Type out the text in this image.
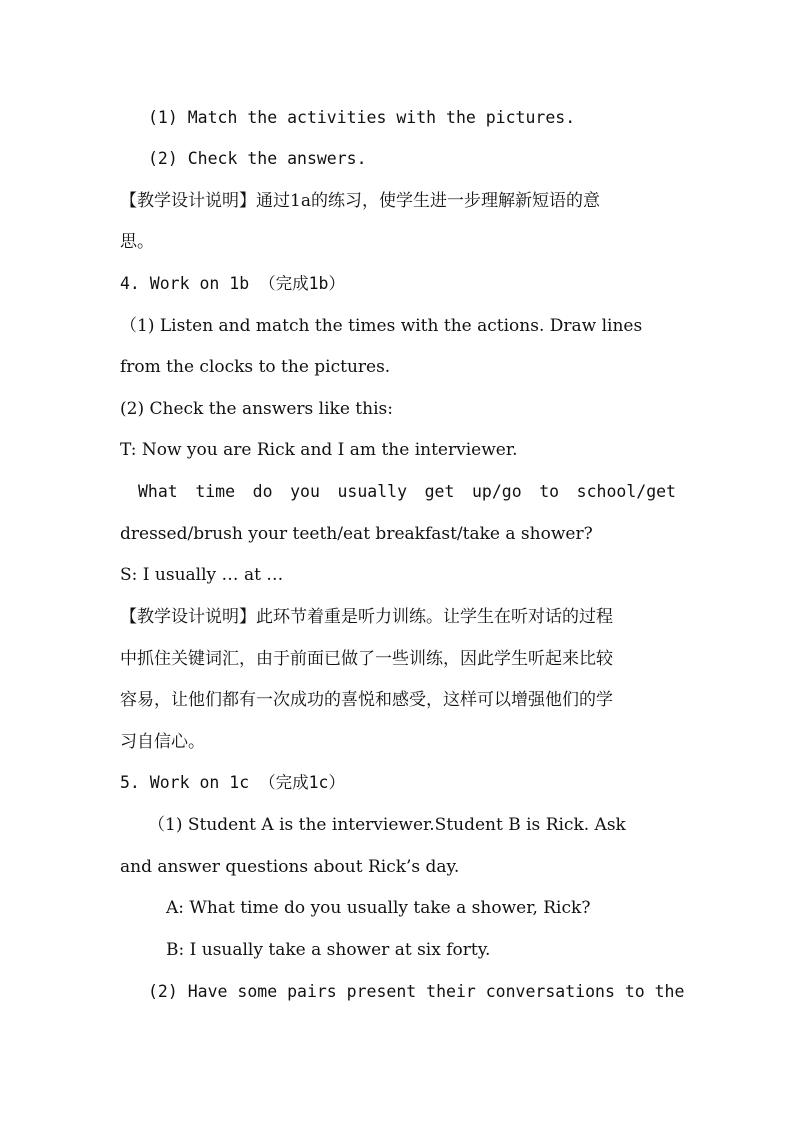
(1) Match the activities with the pictures.
(2) Check the answers.
【教学设计说明】通过1a的练习，使学生进一步理解新短语的意
思。
4. Work on 1b （完成1b）
（1) Listen and match the times with the actions. Draw lines
from the clocks to the pictures.
(2) Check the answers like this:
T: Now you are Rick and I am the interviewer.
What time do you usually get up/go to school/get
dressed/brush your teeth/eat breakfast/take a shower?
S: I usually … at …
【教学设计说明】此环节着重是听力训练。让学生在听对话的过程
中抓住关键词汇，由于前面已做了一些训练，因此学生听起来比较
容易，让他们都有一次成功的喜悦和感受，这样可以增强他们的学
习自信心。
5. Work on 1c （完成1c）
（1) Student A is the interviewer.Student B is Rick. Ask
and answer questions about Rick’s day.
A: What time do you usually take a shower, Rick?
B: I usually take a shower at six forty.
(2) Have some pairs present their conversations to the
